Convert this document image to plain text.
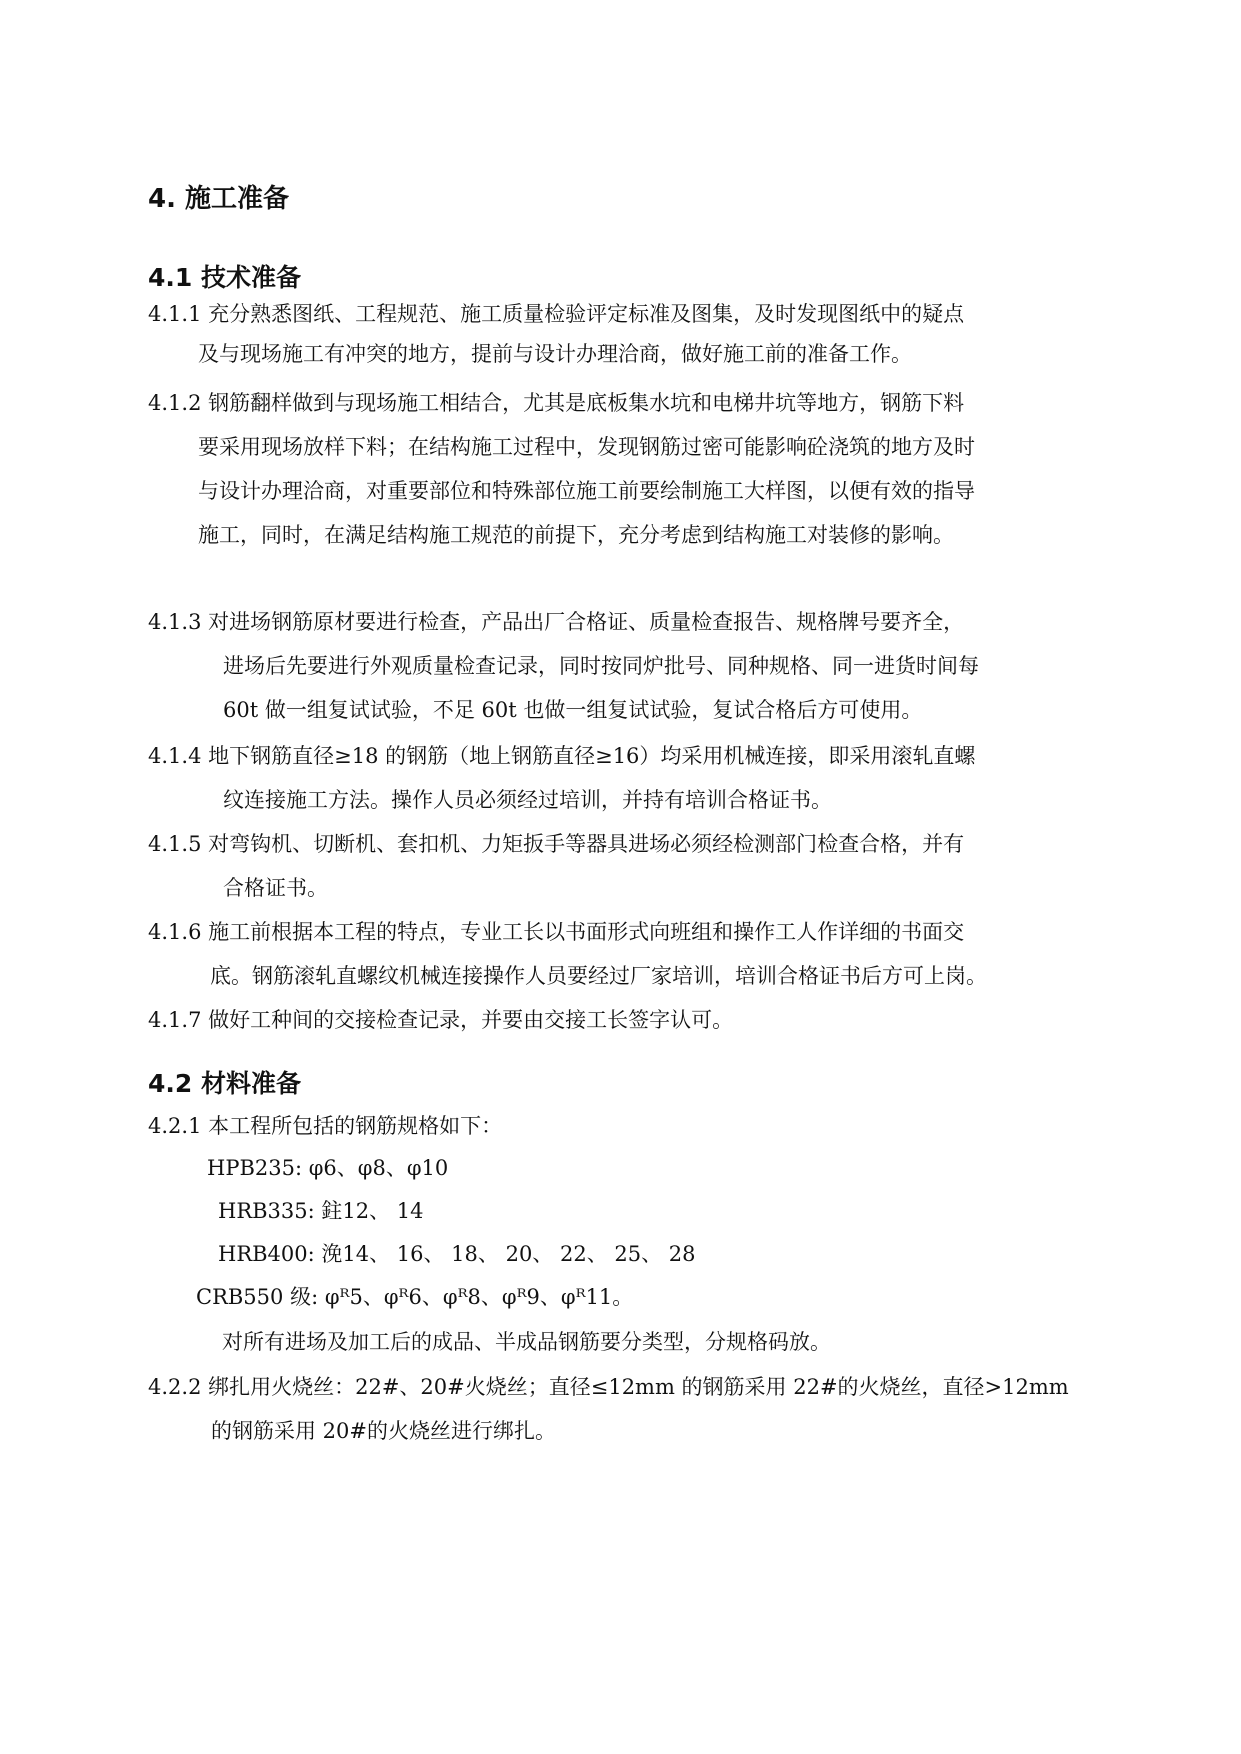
4. 施工准备
4.1 技术准备
4.1.1 充分熟悉图纸、工程规范、施工质量检验评定标准及图集，及时发现图纸中的疑点
及与现场施工有冲突的地方，提前与设计办理洽商，做好施工前的准备工作。
4.1.2 钢筋翻样做到与现场施工相结合，尤其是底板集水坑和电梯井坑等地方，钢筋下料
要采用现场放样下料；在结构施工过程中，发现钢筋过密可能影响砼浇筑的地方及时
与设计办理洽商，对重要部位和特殊部位施工前要绘制施工大样图，以便有效的指导
施工，同时，在满足结构施工规范的前提下，充分考虑到结构施工对装修的影响。
4.1.3 对进场钢筋原材要进行检查，产品出厂合格证、质量检查报告、规格牌号要齐全，
进场后先要进行外观质量检查记录，同时按同炉批号、同种规格、同一进货时间每
60t 做一组复试试验，不足 60t 也做一组复试试验，复试合格后方可使用。
4.1.4 地下钢筋直径≥18 的钢筋（地上钢筋直径≥16）均采用机械连接，即采用滚轧直螺
纹连接施工方法。操作人员必须经过培训，并持有培训合格证书。
4.1.5 对弯钩机、切断机、套扣机、力矩扳手等器具进场必须经检测部门检查合格，并有
合格证书。
4.1.6 施工前根据本工程的特点，专业工长以书面形式向班组和操作工人作详细的书面交
底。钢筋滚轧直螺纹机械连接操作人员要经过厂家培训，培训合格证书后方可上岗。
4.1.7 做好工种间的交接检查记录，并要由交接工长签字认可。
4.2 材料准备
4.2.1 本工程所包括的钢筋规格如下：
HPB235: φ6、φ8、φ10
HRB335: 鉒12、 14
HRB400: 浼14、 16、 18、 20、 22、 25、 28
CRB550 级: φᴿ5、φᴿ6、φᴿ8、φᴿ9、φᴿ11。
对所有进场及加工后的成品、半成品钢筋要分类型，分规格码放。
4.2.2 绑扎用火烧丝：22#、20#火烧丝；直径≤12mm 的钢筋采用 22#的火烧丝，直径>12mm
的钢筋采用 20#的火烧丝进行绑扎。
